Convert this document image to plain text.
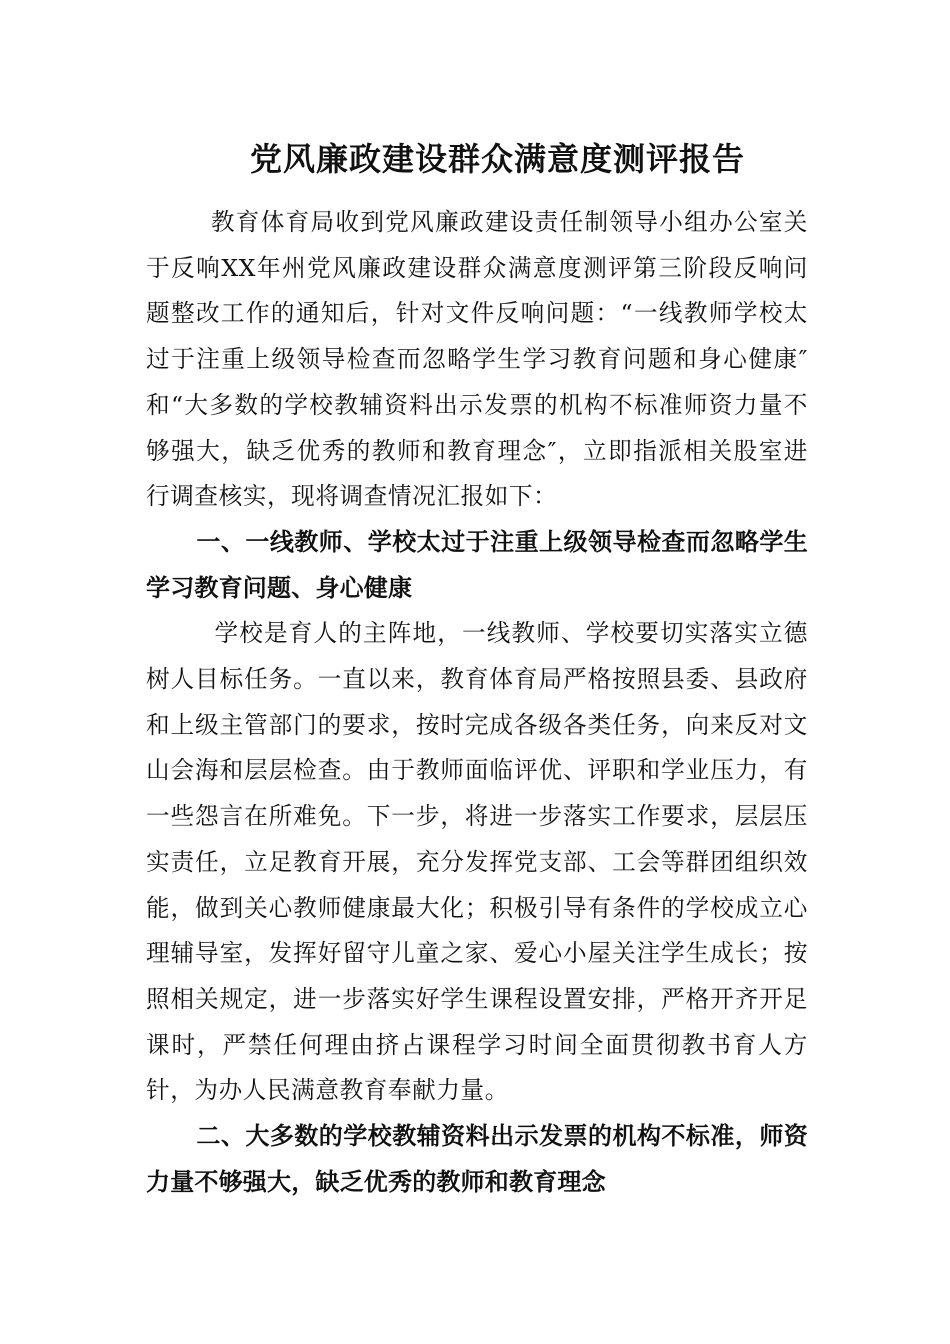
党风廉政建设群众满意度测评报告

教育体育局收到党风廉政建设责任制领导小组办公室关于反响XX年州党风廉政建设群众满意度测评第三阶段反响问题整改工作的通知后，针对文件反响问题：“一线教师学校太过于注重上级领导检查而忽略学生学习教育问题和身心健康″和“大多数的学校教辅资料出示发票的机构不标准师资力量不够强大，缺乏优秀的教师和教育理念″，立即指派相关股室进行调查核实，现将调查情况汇报如下：

一、一线教师、学校太过于注重上级领导检查而忽略学生学习教育问题、身心健康

学校是育人的主阵地，一线教师、学校要切实落实立德树人目标任务。一直以来，教育体育局严格按照县委、县政府和上级主管部门的要求，按时完成各级各类任务，向来反对文山会海和层层检查。由于教师面临评优、评职和学业压力，有一些怨言在所难免。下一步，将进一步落实工作要求，层层压实责任，立足教育开展，充分发挥党支部、工会等群团组织效能，做到关心教师健康最大化；积极引导有条件的学校成立心理辅导室，发挥好留守儿童之家、爱心小屋关注学生成长；按照相关规定，进一步落实好学生课程设置安排，严格开齐开足课时，严禁任何理由挤占课程学习时间全面贯彻教书育人方针，为办人民满意教育奉献力量。

二、大多数的学校教辅资料出示发票的机构不标准，师资力量不够强大，缺乏优秀的教师和教育理念
